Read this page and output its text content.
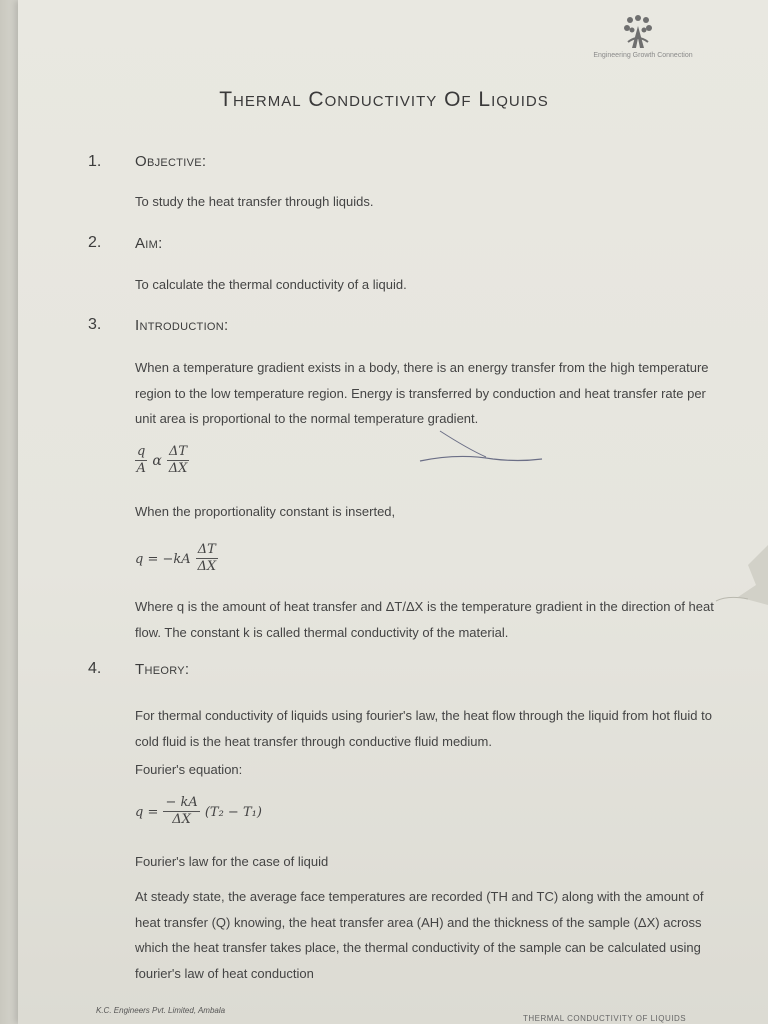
Engineering Growth Connection
Thermal Conductivity Of Liquids
1. Objective:
To study the heat transfer through liquids.
2. Aim:
To calculate the thermal conductivity of a liquid.
3. Introduction:
When a temperature gradient exists in a body, there is an energy transfer from the high temperature region to the low temperature region. Energy is transferred by conduction and heat transfer rate per unit area is proportional to the normal temperature gradient.
$\frac{q}{A}$ α $\frac{\Delta T}{\Delta X}$
When the proportionality constant is inserted,
$q = -kA \frac{\Delta T}{\Delta X}$
Where q is the amount of heat transfer and ΔT/ΔX is the temperature gradient in the direction of heat flow. The constant k is called thermal conductivity of the material.
4. Theory:
For thermal conductivity of liquids using fourier's law, the heat flow through the liquid from hot fluid to cold fluid is the heat transfer through conductive fluid medium.
Fourier's equation:
$q = \frac{- kA}{\Delta X} (T_2 - T_1)$
Fourier's law for the case of liquid
At steady state, the average face temperatures are recorded (TH and TC) along with the amount of heat transfer (Q) knowing, the heat transfer area (AH) and the thickness of the sample (ΔX) across which the heat transfer takes place, the thermal conductivity of the sample can be calculated using fourier's law of heat conduction
K.C. Engineers Pvt. Limited, Ambala
THERMAL CONDUCTIVITY OF LIQUIDS
